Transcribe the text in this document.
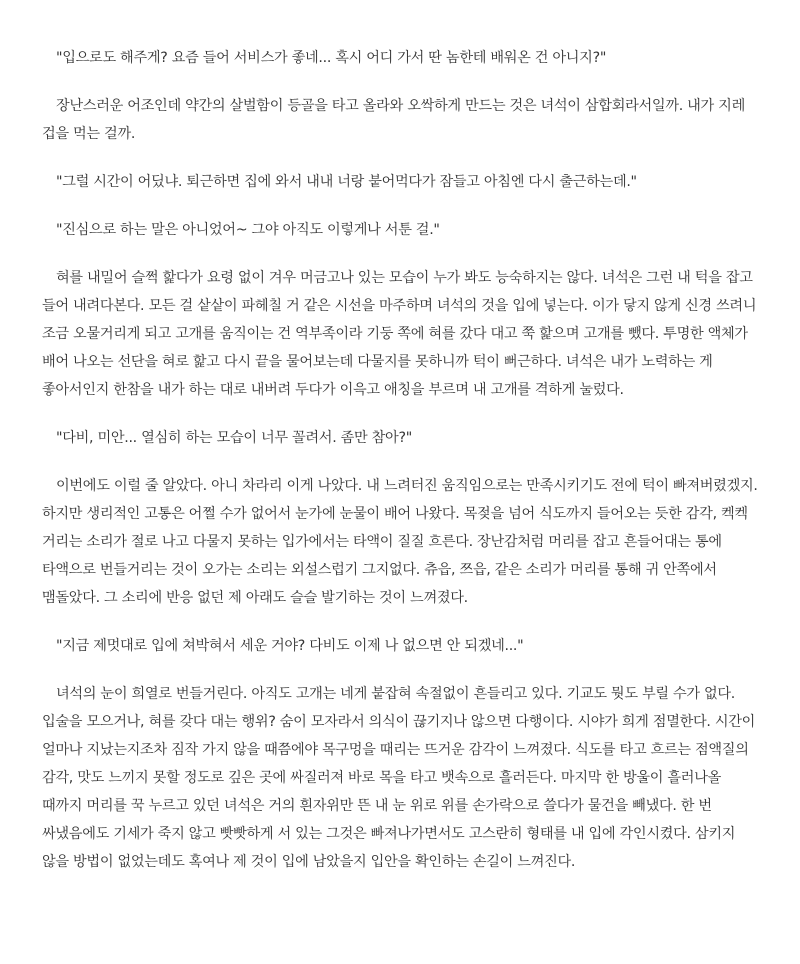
"입으로도 해주게? 요즘 들어 서비스가 좋네... 혹시 어디 가서 딴 놈한테 배워온 건 아니지?"

장난스러운 어조인데 약간의 살벌함이 등골을 타고 올라와 오싹하게 만드는 것은 녀석이 삼합회라서일까. 내가 지레 겁을 먹는 걸까.

"그럴 시간이 어딨냐. 퇴근하면 집에 와서 내내 너랑 붙어먹다가 잠들고 아침엔 다시 출근하는데."

"진심으로 하는 말은 아니었어~ 그야 아직도 이렇게나 서툰 걸."

혀를 내밀어 슬쩍 핥다가 요령 없이 겨우 머금고나 있는 모습이 누가 봐도 능숙하지는 않다. 녀석은 그런 내 턱을 잡고 들어 내려다본다. 모든 걸 샅샅이 파헤칠 거 같은 시선을 마주하며 녀석의 것을 입에 넣는다. 이가 닿지 않게 신경 쓰려니 조금 오물거리게 되고 고개를 움직이는 건 역부족이라 기둥 쪽에 혀를 갔다 대고 쭉 핥으며 고개를 뺐다. 투명한 액체가 배어 나오는 선단을 혀로 핥고 다시 끝을 물어보는데 다물지를 못하니까 턱이 뻐근하다. 녀석은 내가 노력하는 게 좋아서인지 한참을 내가 하는 대로 내버려 두다가 이윽고 애칭을 부르며 내 고개를 격하게 눌렀다.

"다비, 미안... 열심히 하는 모습이 너무 꼴려서. 좀만 참아?"

이번에도 이럴 줄 알았다. 아니 차라리 이게 나았다. 내 느려터진 움직임으로는 만족시키기도 전에 턱이 빠져버렸겠지. 하지만 생리적인 고통은 어쩔 수가 없어서 눈가에 눈물이 배어 나왔다. 목젖을 넘어 식도까지 들어오는 듯한 감각, 켁켁 거리는 소리가 절로 나고 다물지 못하는 입가에서는 타액이 질질 흐른다. 장난감처럼 머리를 잡고 흔들어대는 통에 타액으로 번들거리는 것이 오가는 소리는 외설스럽기 그지없다. 츄읍, 쯔읍, 같은 소리가 머리를 통해 귀 안쪽에서 맴돌았다. 그 소리에 반응 없던 제 아래도 슬슬 발기하는 것이 느껴졌다.

"지금 제멋대로 입에 쳐박혀서 세운 거야? 다비도 이제 나 없으면 안 되겠네..."

녀석의 눈이 희열로 번들거린다. 아직도 고개는 네게 붙잡혀 속절없이 흔들리고 있다. 기교도 뭣도 부릴 수가 없다. 입술을 모으거나, 혀를 갖다 대는 행위? 숨이 모자라서 의식이 끊기지나 않으면 다행이다. 시야가 희게 점멸한다. 시간이 얼마나 지났는지조차 짐작 가지 않을 때쯤에야 목구멍을 때리는 뜨거운 감각이 느껴졌다. 식도를 타고 흐르는 점액질의 감각, 맛도 느끼지 못할 정도로 깊은 곳에 싸질러져 바로 목을 타고 뱃속으로 흘러든다. 마지막 한 방울이 흘러나올 때까지 머리를 꾹 누르고 있던 녀석은 거의 흰자위만 뜬 내 눈 위로 위를 손가락으로 쓸다가 물건을 빼냈다. 한 번 싸냈음에도 기세가 죽지 않고 빳빳하게 서 있는 그것은 빠져나가면서도 고스란히 형태를 내 입에 각인시켰다. 삼키지 않을 방법이 없었는데도 혹여나 제 것이 입에 남았을지 입안을 확인하는 손길이 느껴진다.
